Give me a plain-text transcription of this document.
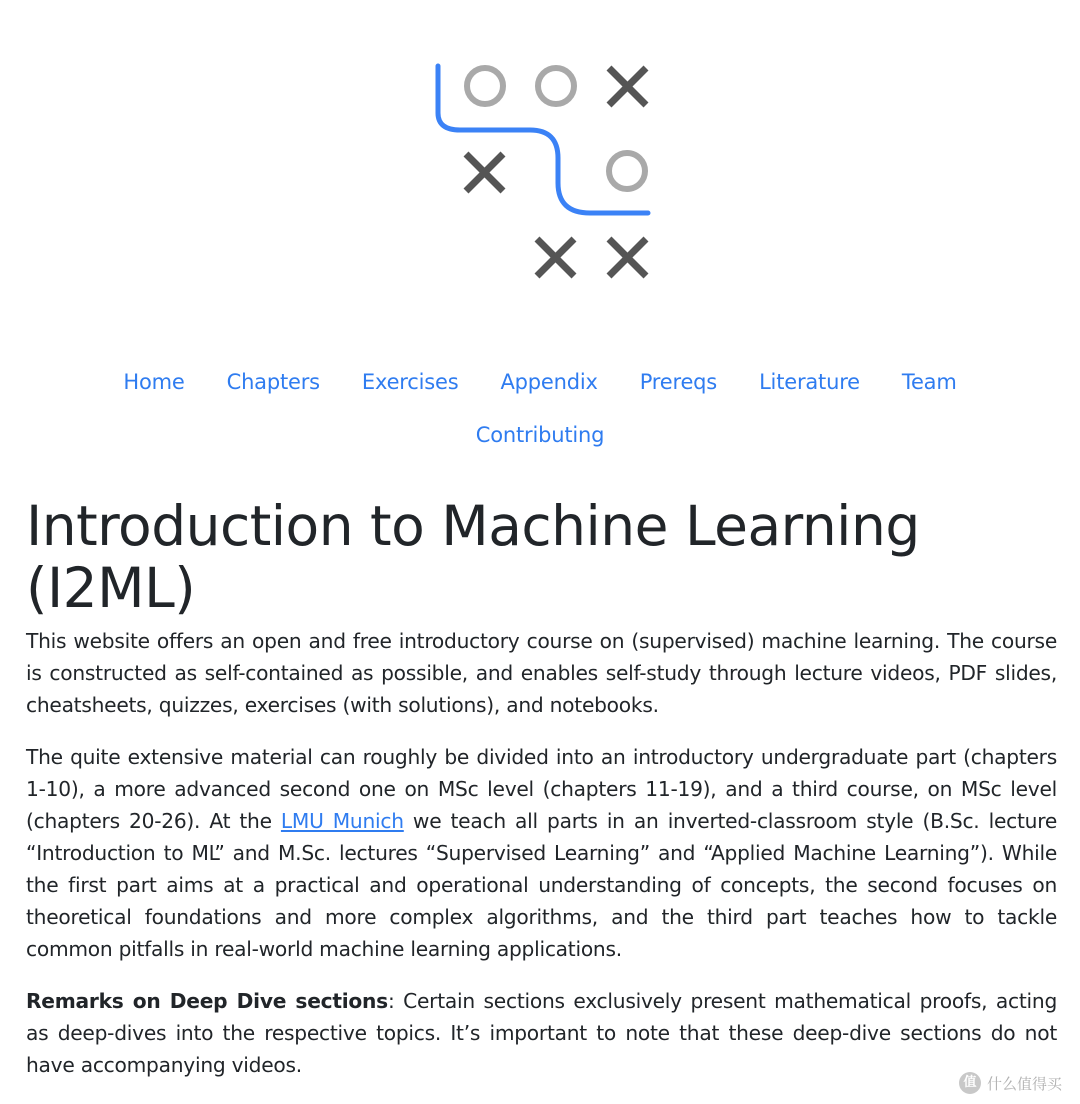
Home	Chapters	Exercises	Appendix	Prereqs	Literature	Team
Contributing
Introduction to Machine Learning (I2ML)

This website offers an open and free introductory course on (supervised) machine learning. The course is constructed as self-contained as possible, and enables self-study through lecture videos, PDF slides, cheatsheets, quizzes, exercises (with solutions), and notebooks.

The quite extensive material can roughly be divided into an introductory undergraduate part (chapters 1-10), a more advanced second one on MSc level (chapters 11-19), and a third course, on MSc level (chapters 20-26). At the LMU Munich we teach all parts in an inverted-classroom style (B.Sc. lecture “Introduction to ML” and M.Sc. lectures “Supervised Learning” and “Applied Machine Learning”). While the first part aims at a practical and operational understanding of concepts, the second focuses on theoretical foundations and more complex algorithms, and the third part teaches how to tackle common pitfalls in real-world machine learning applications.

Remarks on Deep Dive sections: Certain sections exclusively present mathematical proofs, acting as deep-dives into the respective topics. It’s important to note that these deep-dive sections do not have accompanying videos.

值 什么值得买
